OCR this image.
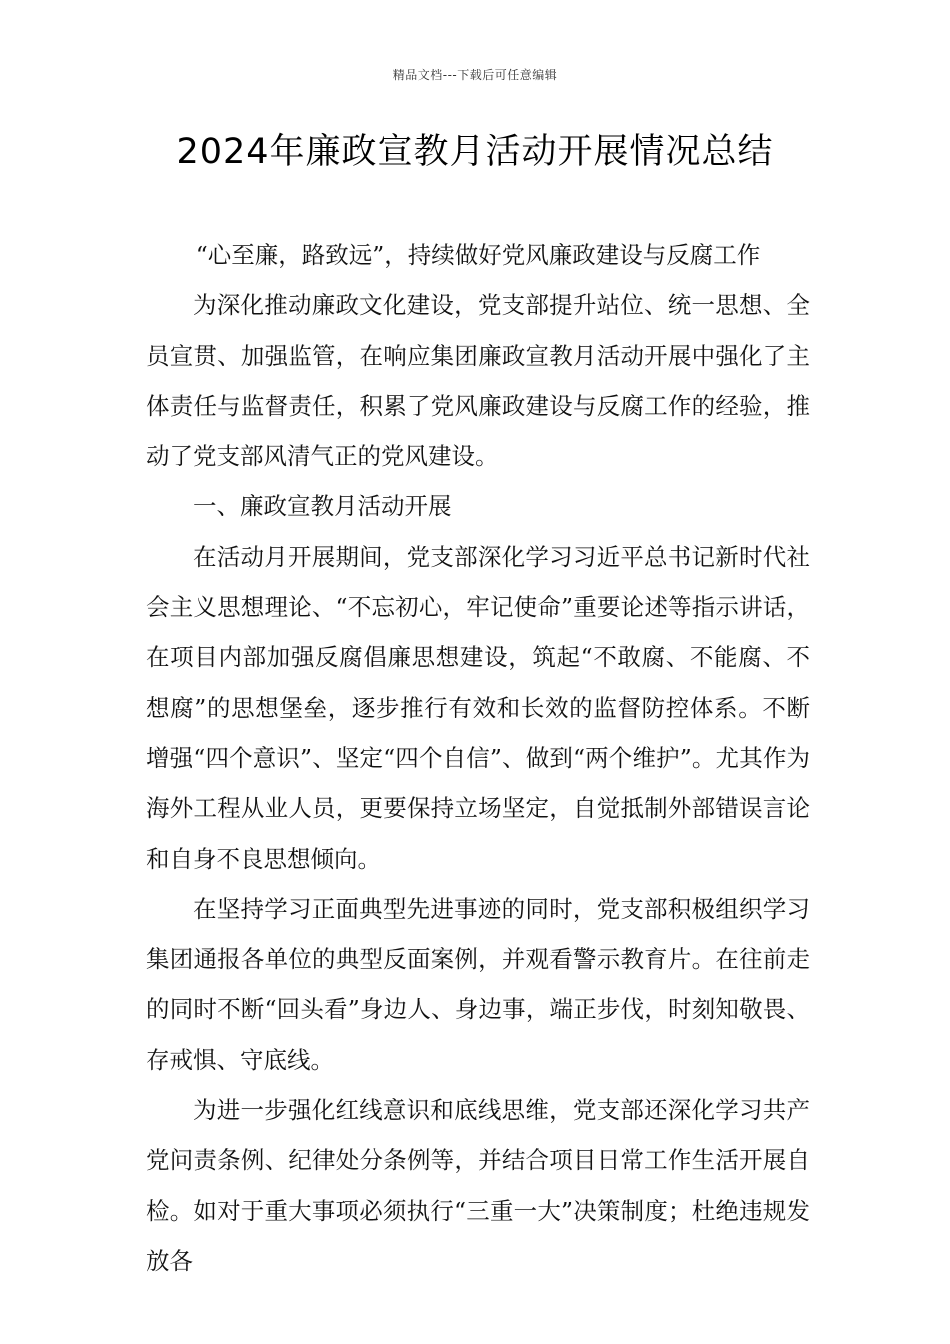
精品文档---下载后可任意编辑
2024年廉政宣教月活动开展情况总结

“心至廉，路致远”，持续做好党风廉政建设与反腐工作

为深化推动廉政文化建设，党支部提升站位、统一思想、全员宣贯、加强监管，在响应集团廉政宣教月活动开展中强化了主体责任与监督责任，积累了党风廉政建设与反腐工作的经验，推动了党支部风清气正的党风建设。

一、廉政宣教月活动开展

在活动月开展期间，党支部深化学习习近平总书记新时代社会主义思想理论、“不忘初心，牢记使命”重要论述等指示讲话，在项目内部加强反腐倡廉思想建设，筑起“不敢腐、不能腐、不想腐”的思想堡垒，逐步推行有效和长效的监督防控体系。不断增强“四个意识”、坚定“四个自信”、做到“两个维护”。尤其作为海外工程从业人员，更要保持立场坚定，自觉抵制外部错误言论和自身不良思想倾向。

在坚持学习正面典型先进事迹的同时，党支部积极组织学习集团通报各单位的典型反面案例，并观看警示教育片。在往前走的同时不断“回头看”身边人、身边事，端正步伐，时刻知敬畏、存戒惧、守底线。

为进一步强化红线意识和底线思维，党支部还深化学习共产党问责条例、纪律处分条例等，并结合项目日常工作生活开展自检。如对于重大事项必须执行“三重一大”决策制度；杜绝违规发放各
